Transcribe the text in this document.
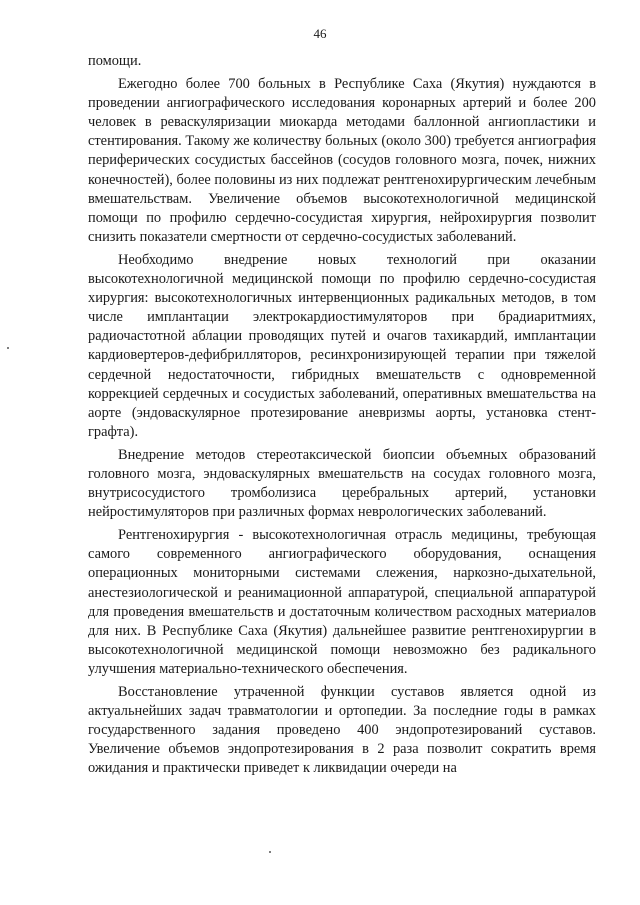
46

помощи.

Ежегодно более 700 больных в Республике Саха (Якутия) нуждаются в проведении ангиографического исследования коронарных артерий и более 200 человек в реваскуляризации миокарда методами баллонной ангиопластики и стентирования. Такому же количеству больных (около 300) требуется ангиография периферических сосудистых бассейнов (сосудов головного мозга, почек, нижних конечностей), более половины из них подлежат рентгенохирургическим лечебным вмешательствам. Увеличение объемов высокотехнологичной медицинской помощи по профилю сердечно-сосудистая хирургия, нейрохирургия позволит снизить показатели смертности от сердечно-сосудистых заболеваний.

Необходимо внедрение новых технологий при оказании высокотехнологичной медицинской помощи по профилю сердечно-сосудистая хирургия: высокотехнологичных интервенционных радикальных методов, в том числе имплантации электрокардиостимуляторов при брадиаритмиях, радиочастотной аблации проводящих путей и очагов тахикардий, имплантации кардиовертеров-дефибрилляторов, ресинхронизирующей терапии при тяжелой сердечной недостаточности, гибридных вмешательств с одновременной коррекцией сердечных и сосудистых заболеваний, оперативных вмешательства на аорте (эндоваскулярное протезирование аневризмы аорты, установка стент-графта).

Внедрение методов стереотаксической биопсии объемных образований головного мозга, эндоваскулярных вмешательств на сосудах головного мозга, внутрисосудистого тромболизиса церебральных артерий, установки нейростимуляторов при различных формах неврологических заболеваний.

Рентгенохирургия - высокотехнологичная отрасль медицины, требующая самого современного ангиографического оборудования, оснащения операционных мониторными системами слежения, наркозно-дыхательной, анестезиологической и реанимационной аппаратурой, специальной аппаратурой для проведения вмешательств и достаточным количеством расходных материалов для них. В Республике Саха (Якутия) дальнейшее развитие рентгенохирургии в высокотехнологичной медицинской помощи невозможно без радикального улучшения материально-технического обеспечения.

Восстановление утраченной функции суставов является одной из актуальнейших задач травматологии и ортопедии. За последние годы в рамках государственного задания проведено 400 эндопротезирований суставов. Увеличение объемов эндопротезирования в 2 раза позволит сократить время ожидания и практически приведет к ликвидации очереди на
